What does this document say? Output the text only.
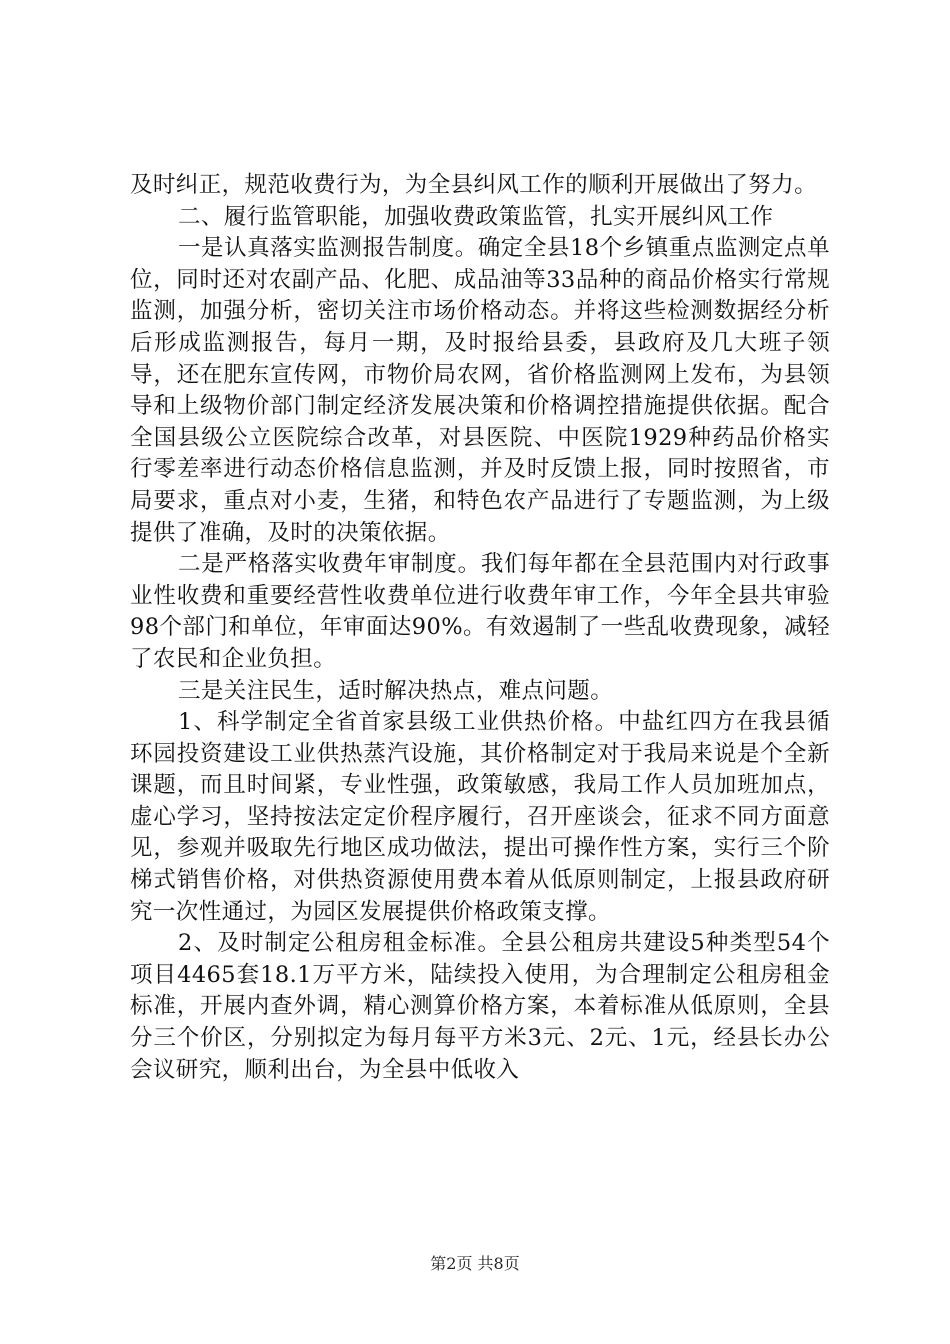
及时纠正，规范收费行为，为全县纠风工作的顺利开展做出了努力。

二、履行监管职能，加强收费政策监管，扎实开展纠风工作

一是认真落实监测报告制度。确定全县18个乡镇重点监测定点单位，同时还对农副产品、化肥、成品油等33品种的商品价格实行常规监测，加强分析，密切关注市场价格动态。并将这些检测数据经分析后形成监测报告，每月一期，及时报给县委，县政府及几大班子领导，还在肥东宣传网，市物价局农网，省价格监测网上发布，为县领导和上级物价部门制定经济发展决策和价格调控措施提供依据。配合全国县级公立医院综合改革，对县医院、中医院1929种药品价格实行零差率进行动态价格信息监测，并及时反馈上报，同时按照省，市局要求，重点对小麦，生猪，和特色农产品进行了专题监测，为上级提供了准确，及时的决策依据。

二是严格落实收费年审制度。我们每年都在全县范围内对行政事业性收费和重要经营性收费单位进行收费年审工作，今年全县共审验98个部门和单位，年审面达90%。有效遏制了一些乱收费现象，减轻了农民和企业负担。

三是关注民生，适时解决热点，难点问题。

1、科学制定全省首家县级工业供热价格。中盐红四方在我县循环园投资建设工业供热蒸汽设施，其价格制定对于我局来说是个全新课题，而且时间紧，专业性强，政策敏感，我局工作人员加班加点，虚心学习，坚持按法定定价程序履行，召开座谈会，征求不同方面意见，参观并吸取先行地区成功做法，提出可操作性方案，实行三个阶梯式销售价格，对供热资源使用费本着从低原则制定，上报县政府研究一次性通过，为园区发展提供价格政策支撑。

2、及时制定公租房租金标准。全县公租房共建设5种类型54个项目4465套18.1万平方米，陆续投入使用，为合理制定公租房租金标准，开展内查外调，精心测算价格方案，本着标准从低原则，全县分三个价区，分别拟定为每月每平方米3元、2元、1元，经县长办公会议研究，顺利出台，为全县中低收入

第2页 共8页
